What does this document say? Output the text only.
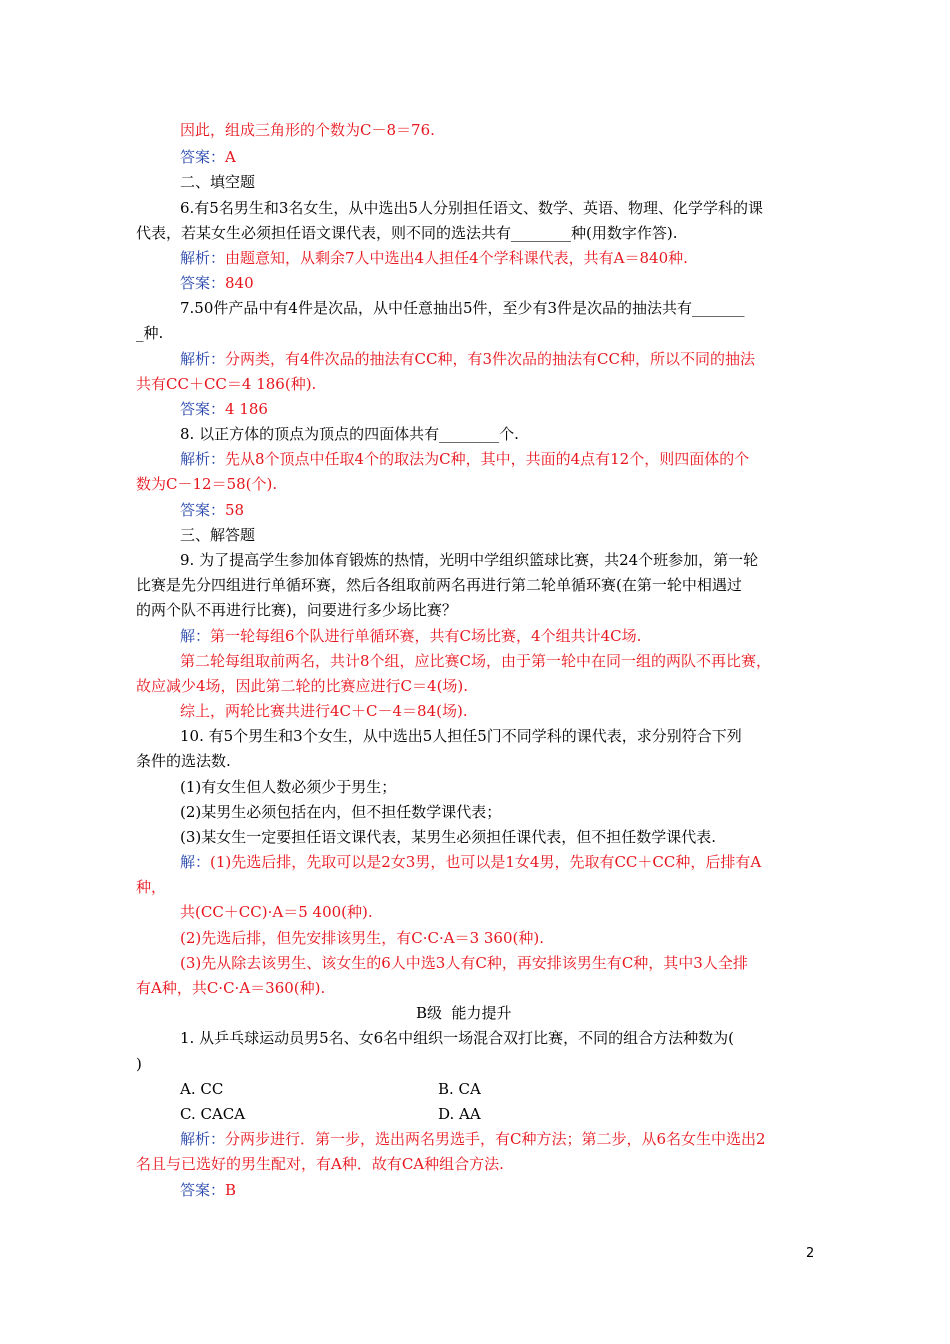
因此，组成三角形的个数为C－8＝76.
答案：A
二、填空题
6.有5名男生和3名女生，从中选出5人分别担任语文、数学、英语、物理、化学学科的课
代表，若某女生必须担任语文课代表，则不同的选法共有________种(用数字作答).
解析：由题意知，从剩余7人中选出4人担任4个学科课代表，共有A＝840种.
答案：840
7.50件产品中有4件是次品，从中任意抽出5件，至少有3件是次品的抽法共有_______
_种.
解析：分两类，有4件次品的抽法有CC种，有3件次品的抽法有CC种，所以不同的抽法
共有CC＋CC＝4 186(种).
答案：4 186
8. 以正方体的顶点为顶点的四面体共有________个.
解析：先从8个顶点中任取4个的取法为C种，其中，共面的4点有12个，则四面体的个
数为C－12＝58(个).
答案：58
三、解答题
9. 为了提高学生参加体育锻炼的热情，光明中学组织篮球比赛，共24个班参加，第一轮
比赛是先分四组进行单循环赛，然后各组取前两名再进行第二轮单循环赛(在第一轮中相遇过
的两个队不再进行比赛)，问要进行多少场比赛？
解：第一轮每组6个队进行单循环赛，共有C场比赛，4个组共计4C场.
第二轮每组取前两名，共计8个组，应比赛C场，由于第一轮中在同一组的两队不再比赛，
故应减少4场，因此第二轮的比赛应进行C＝4(场).
综上，两轮比赛共进行4C＋C－4＝84(场).
10. 有5个男生和3个女生，从中选出5人担任5门不同学科的课代表，求分别符合下列
条件的选法数.
(1)有女生但人数必须少于男生；
(2)某男生必须包括在内，但不担任数学课代表；
(3)某女生一定要担任语文课代表，某男生必须担任课代表，但不担任数学课代表.
解：(1)先选后排，先取可以是2女3男，也可以是1女4男，先取有CC＋CC种，后排有A
种，
共(CC＋CC)·A＝5 400(种).
(2)先选后排，但先安排该男生，有C·C·A＝3 360(种).
(3)先从除去该男生、该女生的6人中选3人有C种，再安排该男生有C种，其中3人全排
有A种，共C·C·A＝360(种).
B级  能力提升
1. 从乒乓球运动员男5名、女6名中组织一场混合双打比赛，不同的组合方法种数为(
)
A. CC	B. CA
C. CACA	D. AA
解析：分两步进行．第一步，选出两名男选手，有C种方法；第二步，从6名女生中选出2
名且与已选好的男生配对，有A种．故有CA种组合方法.
答案：B
2
